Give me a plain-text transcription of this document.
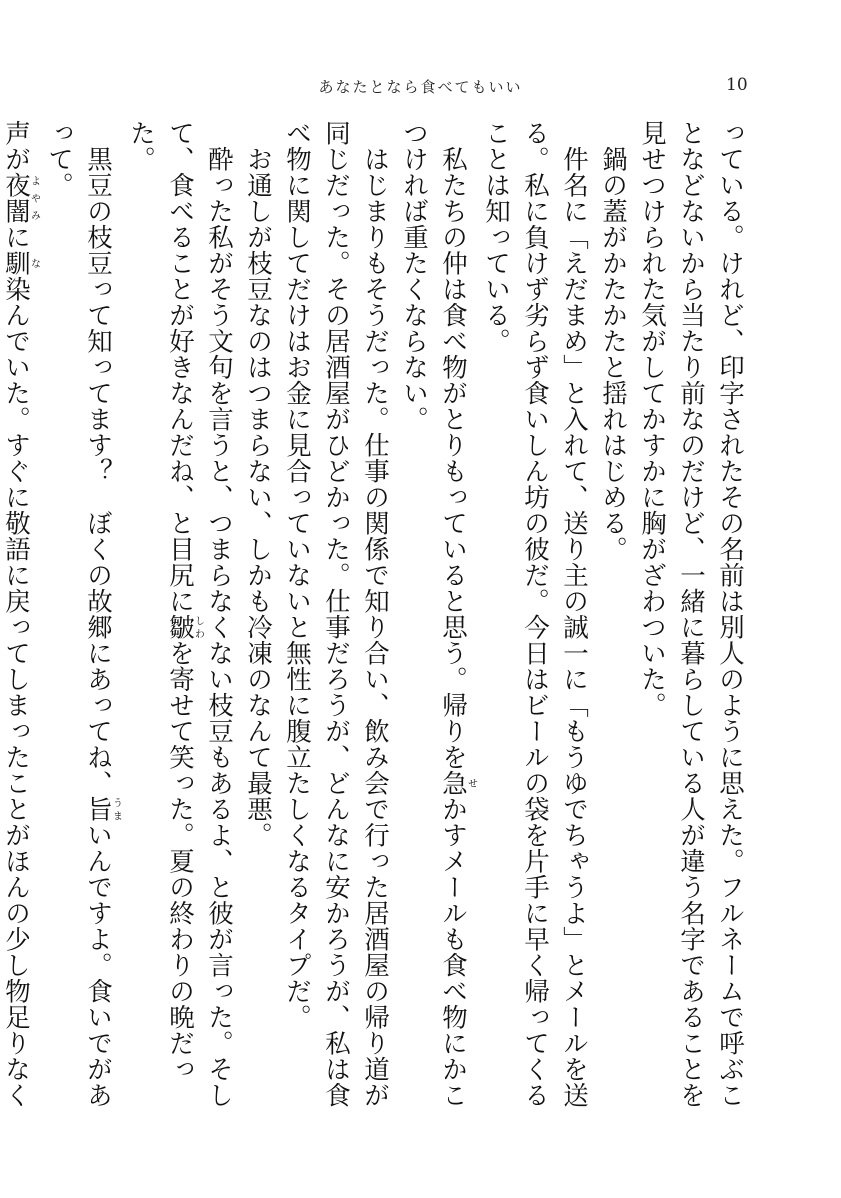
あなたとなら食べてもいい	10

っている。けれど、印字されたその名前は別人のように思えた。フルネームで呼ぶことなどないから当たり前なのだけど、一緒に暮らしている人が違う名字であることを見せつけられた気がしてかすかに胸がざわついた。

鍋の蓋がかたかたと揺れはじめる。

件名に「えだまめ」と入れて、送り主の誠一に「もうゆでちゃうよ」とメールを送る。私に負けず劣らず食いしん坊の彼だ。今日はビールの袋を片手に早く帰ってくることは知っている。

私たちの仲は食べ物がとりもっていると思う。帰りを急せかすメールも食べ物にかこつければ重たくならない。

はじまりもそうだった。仕事の関係で知り合い、飲み会で行った居酒屋の帰り道が同じだった。その居酒屋がひどかった。仕事だろうが、どんなに安かろうが、私は食べ物に関してだけはお金に見合っていないと無性に腹立たしくなるタイプだ。

お通しが枝豆なのはつまらない、しかも冷凍のなんて最悪。

酔った私がそう文句を言うと、つまらなくない枝豆もあるよ、と彼が言った。そして、食べることが好きなんだね、と目尻に皺しわを寄せて笑った。夏の終わりの晩だった。

黒豆の枝豆って知ってます？　ぼくの故郷にあってね、旨うまいんですよ。食いでがあって。

声が夜闇よやみに馴な染んでいた。すぐに敬語に戻ってしまったことがほんの少し物足りなく
